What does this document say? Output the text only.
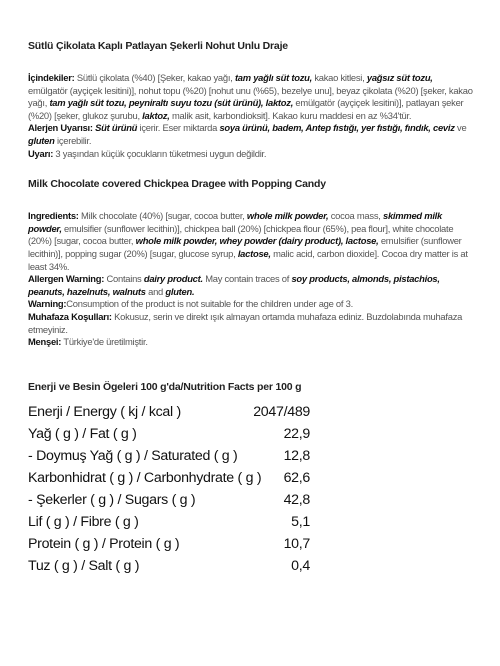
Sütlü Çikolata Kaplı Patlayan Şekerli Nohut Unlu Draje

İçindekiler: Sütlü çikolata (%40) [Şeker, kakao yağı, tam yağlı süt tozu, kakao kitlesi, yağsız süt tozu, emülgatör (ayçiçek lesitini)], nohut topu (%20) [nohut unu (%65), bezelye unu], beyaz çikolata (%20) [şeker, kakao yağı, tam yağlı süt tozu, peyniraltı suyu tozu (süt ürünü), laktoz, emülgatör (ayçiçek lesitini)], patlayan şeker (%20) [şeker, glukoz şurubu, laktoz, malik asit, karbondioksit]. Kakao kuru maddesi en az %34'tür.

Alerjen Uyarısı: Süt ürünü içerir. Eser miktarda soya ürünü, badem, Antep fıstığı, yer fıstığı, fındık, ceviz ve gluten içerebilir.

Uyarı: 3 yaşından küçük çocukların tüketmesi uygun değildir.

Milk Chocolate covered Chickpea Dragee with Popping Candy

Ingredients: Milk chocolate (40%) [sugar, cocoa butter, whole milk powder, cocoa mass, skimmed milk powder, emulsifier (sunflower lecithin)], chickpea ball (20%) [chickpea flour (65%), pea flour], white chocolate (20%) [sugar, cocoa butter, whole milk powder, whey powder (dairy product), lactose, emulsifier (sunflower lecithin)], popping sugar (20%) [sugar, glucose syrup, lactose, malic acid, carbon dioxide]. Cocoa dry matter is at least 34%.

Allergen Warning: Contains dairy product. May contain traces of soy products, almonds, pistachios, peanuts, hazelnuts, walnuts and gluten.

Warning:Consumption of the product is not suitable for the children under age of 3.

Muhafaza Koşulları: Kokusuz, serin ve direkt ışık almayan ortamda muhafaza ediniz. Buzdolabında muhafaza etmeyiniz.

Menşei: Türkiye'de üretilmiştir.

Enerji ve Besin Ögeleri 100 g'da/Nutrition Facts per 100 g
Enerji / Energy ( kj / kcal )	2047/489
Yağ ( g ) / Fat ( g )	22,9
- Doymuş Yağ ( g ) / Saturated ( g )	12,8
Karbonhidrat ( g ) / Carbonhydrate ( g ) 62,6
- Şekerler ( g ) / Sugars ( g )	42,8
Lif ( g ) / Fibre ( g )	5,1
Protein ( g ) / Protein ( g )	10,7
Tuz ( g ) / Salt ( g )	0,4
